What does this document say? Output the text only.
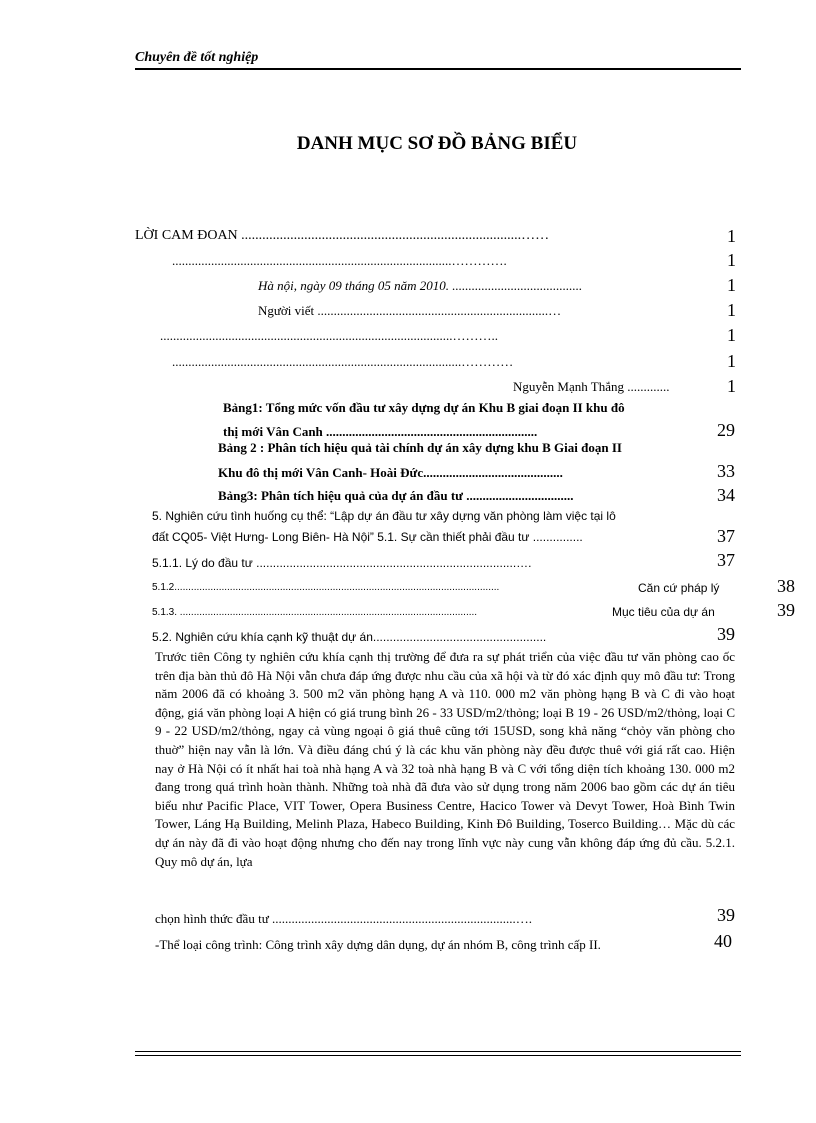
Chuyên đề tốt nghiệp
DANH MỤC SƠ ĐỒ BẢNG BIỂU
LỜI CAM ĐOAN ................................................................................……	1
......................................................................................………….	1
Hà nội, ngày 09 tháng 05 năm 2010. ........................................	1
Người viết .......................................................................…	1
..........................................................................................………..	1
.........................................................................................…………	1
Nguyễn Mạnh Thắng .............	1
Bảng1: Tổng mức vốn đầu tư xây dựng dự án Khu B giai đoạn II khu đô
thị mới Vân Canh .................................................................	29
Bảng 2 : Phân tích hiệu quả tài chính dự án xây dựng khu B Giai đoạn II
Khu đô thị mới Vân Canh- Hoài Đức...........................................	33
Bảng3: Phân tích hiệu quả của dự án đầu tư .................................	34
5. Nghiên cứu tình huống cụ thể: “Lập dự án đầu tư xây dựng văn phòng làm việc tại lô
đất CQ05- Việt Hưng- Long Biên- Hà Nội” 5.1. Sự cần thiết phải đầu tư ...............	37
5.1.1. Lý do đầu tư ..............................................................................….	37
5.1.2.....................................................................................................................	Căn cứ pháp lý	38
5.1.3. ...........................................................................................................	Mục tiêu của dự án	39
5.2. Nghiên cứu khía cạnh kỹ thuật dự án....................................................	39
Trước tiên Công ty nghiên cứu khía cạnh thị trường để đưa ra sự phát triển của việc đầu tư văn phòng cao ốc trên địa bàn thủ đô Hà Nội vẫn chưa đáp ứng được nhu cầu của xã hội và từ đó xác định quy mô đầu tư: Trong năm 2006 đã có khoảng 3. 500 m2 văn phòng hạng A và 110. 000 m2 văn phòng hạng B và C đi vào hoạt động, giá văn phòng loại A hiện có giá trung bình 26 - 33 USD/m2/thỏng; loại B 19 - 26 USD/m2/thỏng, loại C 9 - 22 USD/m2/thỏng, ngay cả vùng ngoại ô giá thuê cũng tới 15USD, song khả năng “chỏy văn phòng cho thuờ” hiện nay vẫn là lớn. Và điều đáng chú ý là các khu văn phòng này đều được thuê với giá rất cao. Hiện nay ở Hà Nội có ít nhất hai toà nhà hạng A và 32 toà nhà hạng B và C với tổng diện tích khoảng 130. 000 m2 đang trong quá trình hoàn thành. Những toà nhà đã đưa vào sử dụng trong năm 2006 bao gồm các dự án tiêu biểu như Pacific Place, VIT Tower, Opera Business Centre, Hacico Tower và Devyt Tower, Hoà Bình Twin Tower, Láng Hạ Building, Melinh Plaza, Habeco Building, Kinh Đô Building, Toserco Building… Mặc dù các dự án này đã đi vào hoạt động nhưng cho đến nay trong lĩnh vực này cung vẫn không đáp ứng đủ cầu. 5.2.1. Quy mô dự án, lựa
chọn hình thức đầu tư ...........................................................................….	39
-Thể loại công trình: Công trình xây dựng dân dụng, dự án nhóm B, công trình cấp II.	40
